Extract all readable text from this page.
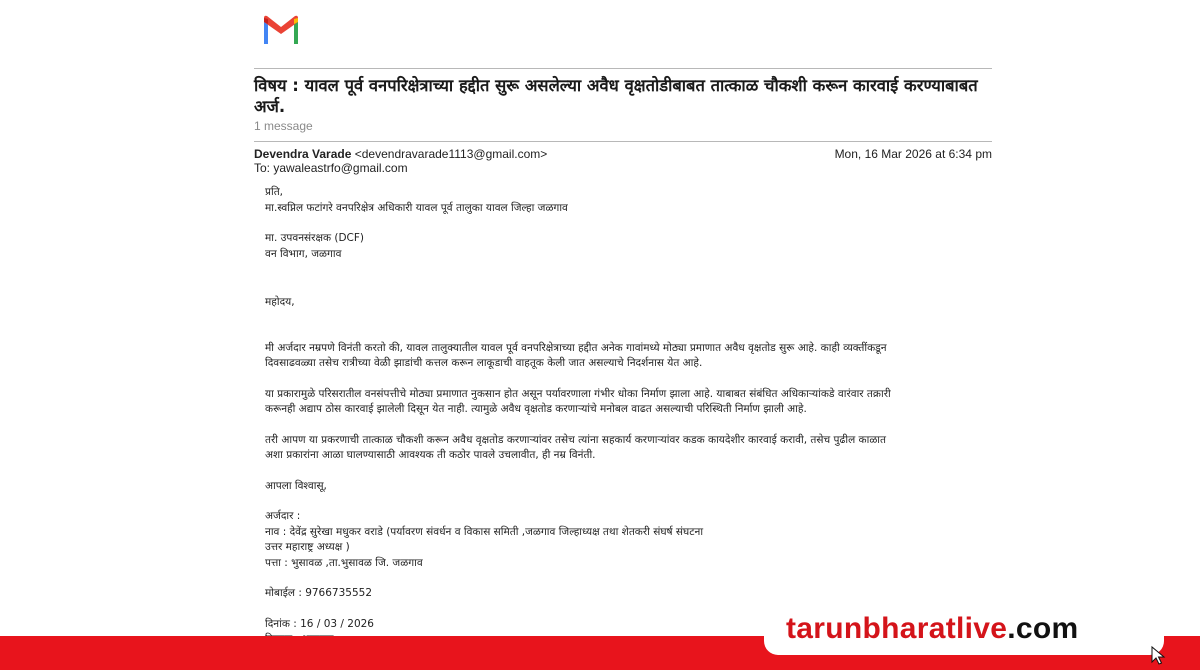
विषय : यावल पूर्व वनपरिक्षेत्राच्या हद्दीत सुरू असलेल्या अवैध वृक्षतोडीबाबत तात्काळ चौकशी करून कारवाई करण्याबाबत अर्ज.
1 message
Devendra Varade <devendravarade1113@gmail.com>	Mon, 16 Mar 2026 at 6:34 pm
To: yawaleastrfo@gmail.com
प्रति,
मा.स्वप्निल फटांगरे वनपरिक्षेत्र अधिकारी यावल पूर्व तालुका यावल जिल्हा जळगाव
मा. उपवनसंरक्षक (DCF)
वन विभाग, जळगाव
महोदय,
मी अर्जदार नम्रपणे विनंती करतो की, यावल तालुक्यातील यावल पूर्व वनपरिक्षेत्राच्या हद्दीत अनेक गावांमध्ये मोठ्या प्रमाणात अवैध वृक्षतोड सुरू आहे. काही व्यक्तींकडून
दिवसाढवळ्या तसेच रात्रीच्या वेळी झाडांची कत्तल करून लाकूडाची वाहतूक केली जात असल्याचे निदर्शनास येत आहे.
या प्रकारामुळे परिसरातील वनसंपत्तीचे मोठ्या प्रमाणात नुकसान होत असून पर्यावरणाला गंभीर धोका निर्माण झाला आहे. याबाबत संबंधित अधिकाऱ्यांकडे वारंवार तक्रारी
करूनही अद्याप ठोस कारवाई झालेली दिसून येत नाही. त्यामुळे अवैध वृक्षतोड करणाऱ्यांचे मनोबल वाढत असल्याची परिस्थिती निर्माण झाली आहे.
तरी आपण या प्रकरणाची तात्काळ चौकशी करून अवैध वृक्षतोड करणाऱ्यांवर तसेच त्यांना सहकार्य करणाऱ्यांवर कडक कायदेशीर कारवाई करावी, तसेच पुढील काळात
अशा प्रकारांना आळा घालण्यासाठी आवश्यक ती कठोर पावले उचलावीत, ही नम्र विनंती.
आपला विश्वासू,
अर्जदार :
नाव : देवेंद्र सुरेखा मधुकर वराडे (पर्यावरण संवर्धन व विकास समिती ,जळगाव जिल्हाध्यक्ष तथा शेतकरी संघर्ष संघटना
उत्तर महाराष्ट्र अध्यक्ष )
पत्ता : भुसावळ ,ता.भुसावळ जि. जळगाव
मोबाईल : 9766735552
दिनांक : 16 / 03 / 2026	tarunbharatlive.com
